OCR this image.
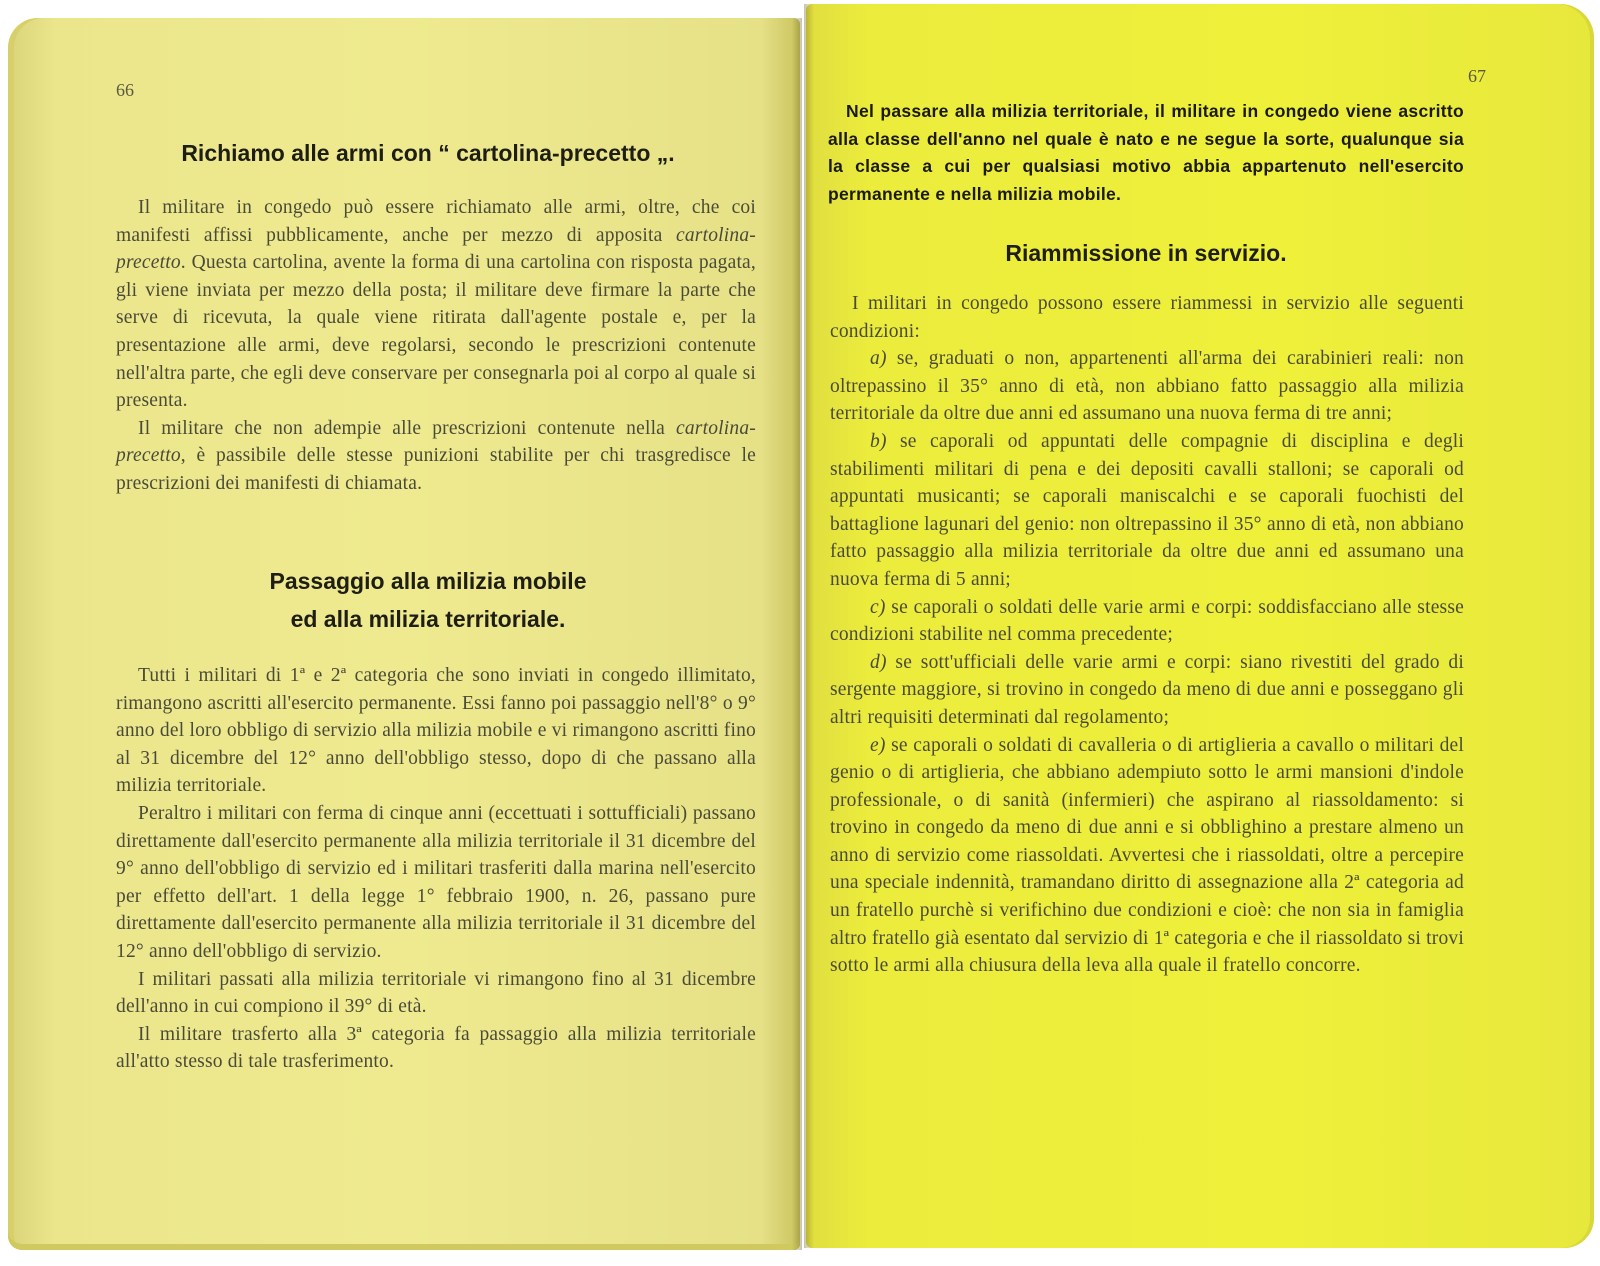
66
Richiamo alle armi con “ cartolina-precetto „.

Il militare in congedo può essere richiamato alle armi, oltre, che coi manifesti affissi pubblicamente, anche per mezzo di apposita cartolina-precetto. Questa cartolina, avente la forma di una cartolina con risposta pagata, gli viene inviata per mezzo della posta; il militare deve firmare la parte che serve di ricevuta, la quale viene ritirata dall'agente postale e, per la presentazione alle armi, deve regolarsi, secondo le prescrizioni contenute nell'altra parte, che egli deve conservare per consegnarla poi al corpo al quale si presenta.

Il militare che non adempie alle prescrizioni contenute nella cartolina-precetto, è passibile delle stesse punizioni stabilite per chi trasgredisce le prescrizioni dei manifesti di chiamata.

Passaggio alla milizia mobile
ed alla milizia territoriale.

Tutti i militari di 1ª e 2ª categoria che sono inviati in congedo illimitato, rimangono ascritti all'esercito permanente. Essi fanno poi passaggio nell'8° o 9° anno del loro obbligo di servizio alla milizia mobile e vi rimangono ascritti fino al 31 dicembre del 12° anno dell'obbligo stesso, dopo di che passano alla milizia territoriale.

Peraltro i militari con ferma di cinque anni (eccettuati i sottufficiali) passano direttamente dall'esercito permanente alla milizia territoriale il 31 dicembre del 9° anno dell'obbligo di servizio ed i militari trasferiti dalla marina nell'esercito per effetto dell'art. 1 della legge 1° febbraio 1900, n. 26, passano pure direttamente dall'esercito permanente alla milizia territoriale il 31 dicembre del 12° anno dell'obbligo di servizio.

I militari passati alla milizia territoriale vi rimangono fino al 31 dicembre dell'anno in cui compiono il 39° di età.

Il militare trasferto alla 3ª categoria fa passaggio alla milizia territoriale all'atto stesso di tale trasferimento.

67

Nel passare alla milizia territoriale, il militare in congedo viene ascritto alla classe dell'anno nel quale è nato e ne segue la sorte, qualunque sia la classe a cui per qualsiasi motivo abbia appartenuto nell'esercito permanente e nella milizia mobile.

Riammissione in servizio.

I militari in congedo possono essere riammessi in servizio alle seguenti condizioni:

a) se, graduati o non, appartenenti all'arma dei carabinieri reali: non oltrepassino il 35° anno di età, non abbiano fatto passaggio alla milizia territoriale da oltre due anni ed assumano una nuova ferma di tre anni;

b) se caporali od appuntati delle compagnie di disciplina e degli stabilimenti militari di pena e dei depositi cavalli stalloni; se caporali od appuntati musicanti; se caporali maniscalchi e se caporali fuochisti del battaglione lagunari del genio: non oltrepassino il 35° anno di età, non abbiano fatto passaggio alla milizia territoriale da oltre due anni ed assumano una nuova ferma di 5 anni;

c) se caporali o soldati delle varie armi e corpi: soddisfacciano alle stesse condizioni stabilite nel comma precedente;

d) se sott'ufficiali delle varie armi e corpi: siano rivestiti del grado di sergente maggiore, si trovino in congedo da meno di due anni e posseggano gli altri requisiti determinati dal regolamento;

e) se caporali o soldati di cavalleria o di artiglieria a cavallo o militari del genio o di artiglieria, che abbiano adempiuto sotto le armi mansioni d'indole professionale, o di sanità (infermieri) che aspirano al riassoldamento: si trovino in congedo da meno di due anni e si obblighino a prestare almeno un anno di servizio come riassoldati. Avvertesi che i riassoldati, oltre a percepire una speciale indennità, tramandano diritto di assegnazione alla 2ª categoria ad un fratello purchè si verifichino due condizioni e cioè: che non sia in famiglia altro fratello già esentato dal servizio di 1ª categoria e che il riassoldato si trovi sotto le armi alla chiusura della leva alla quale il fratello concorre.
